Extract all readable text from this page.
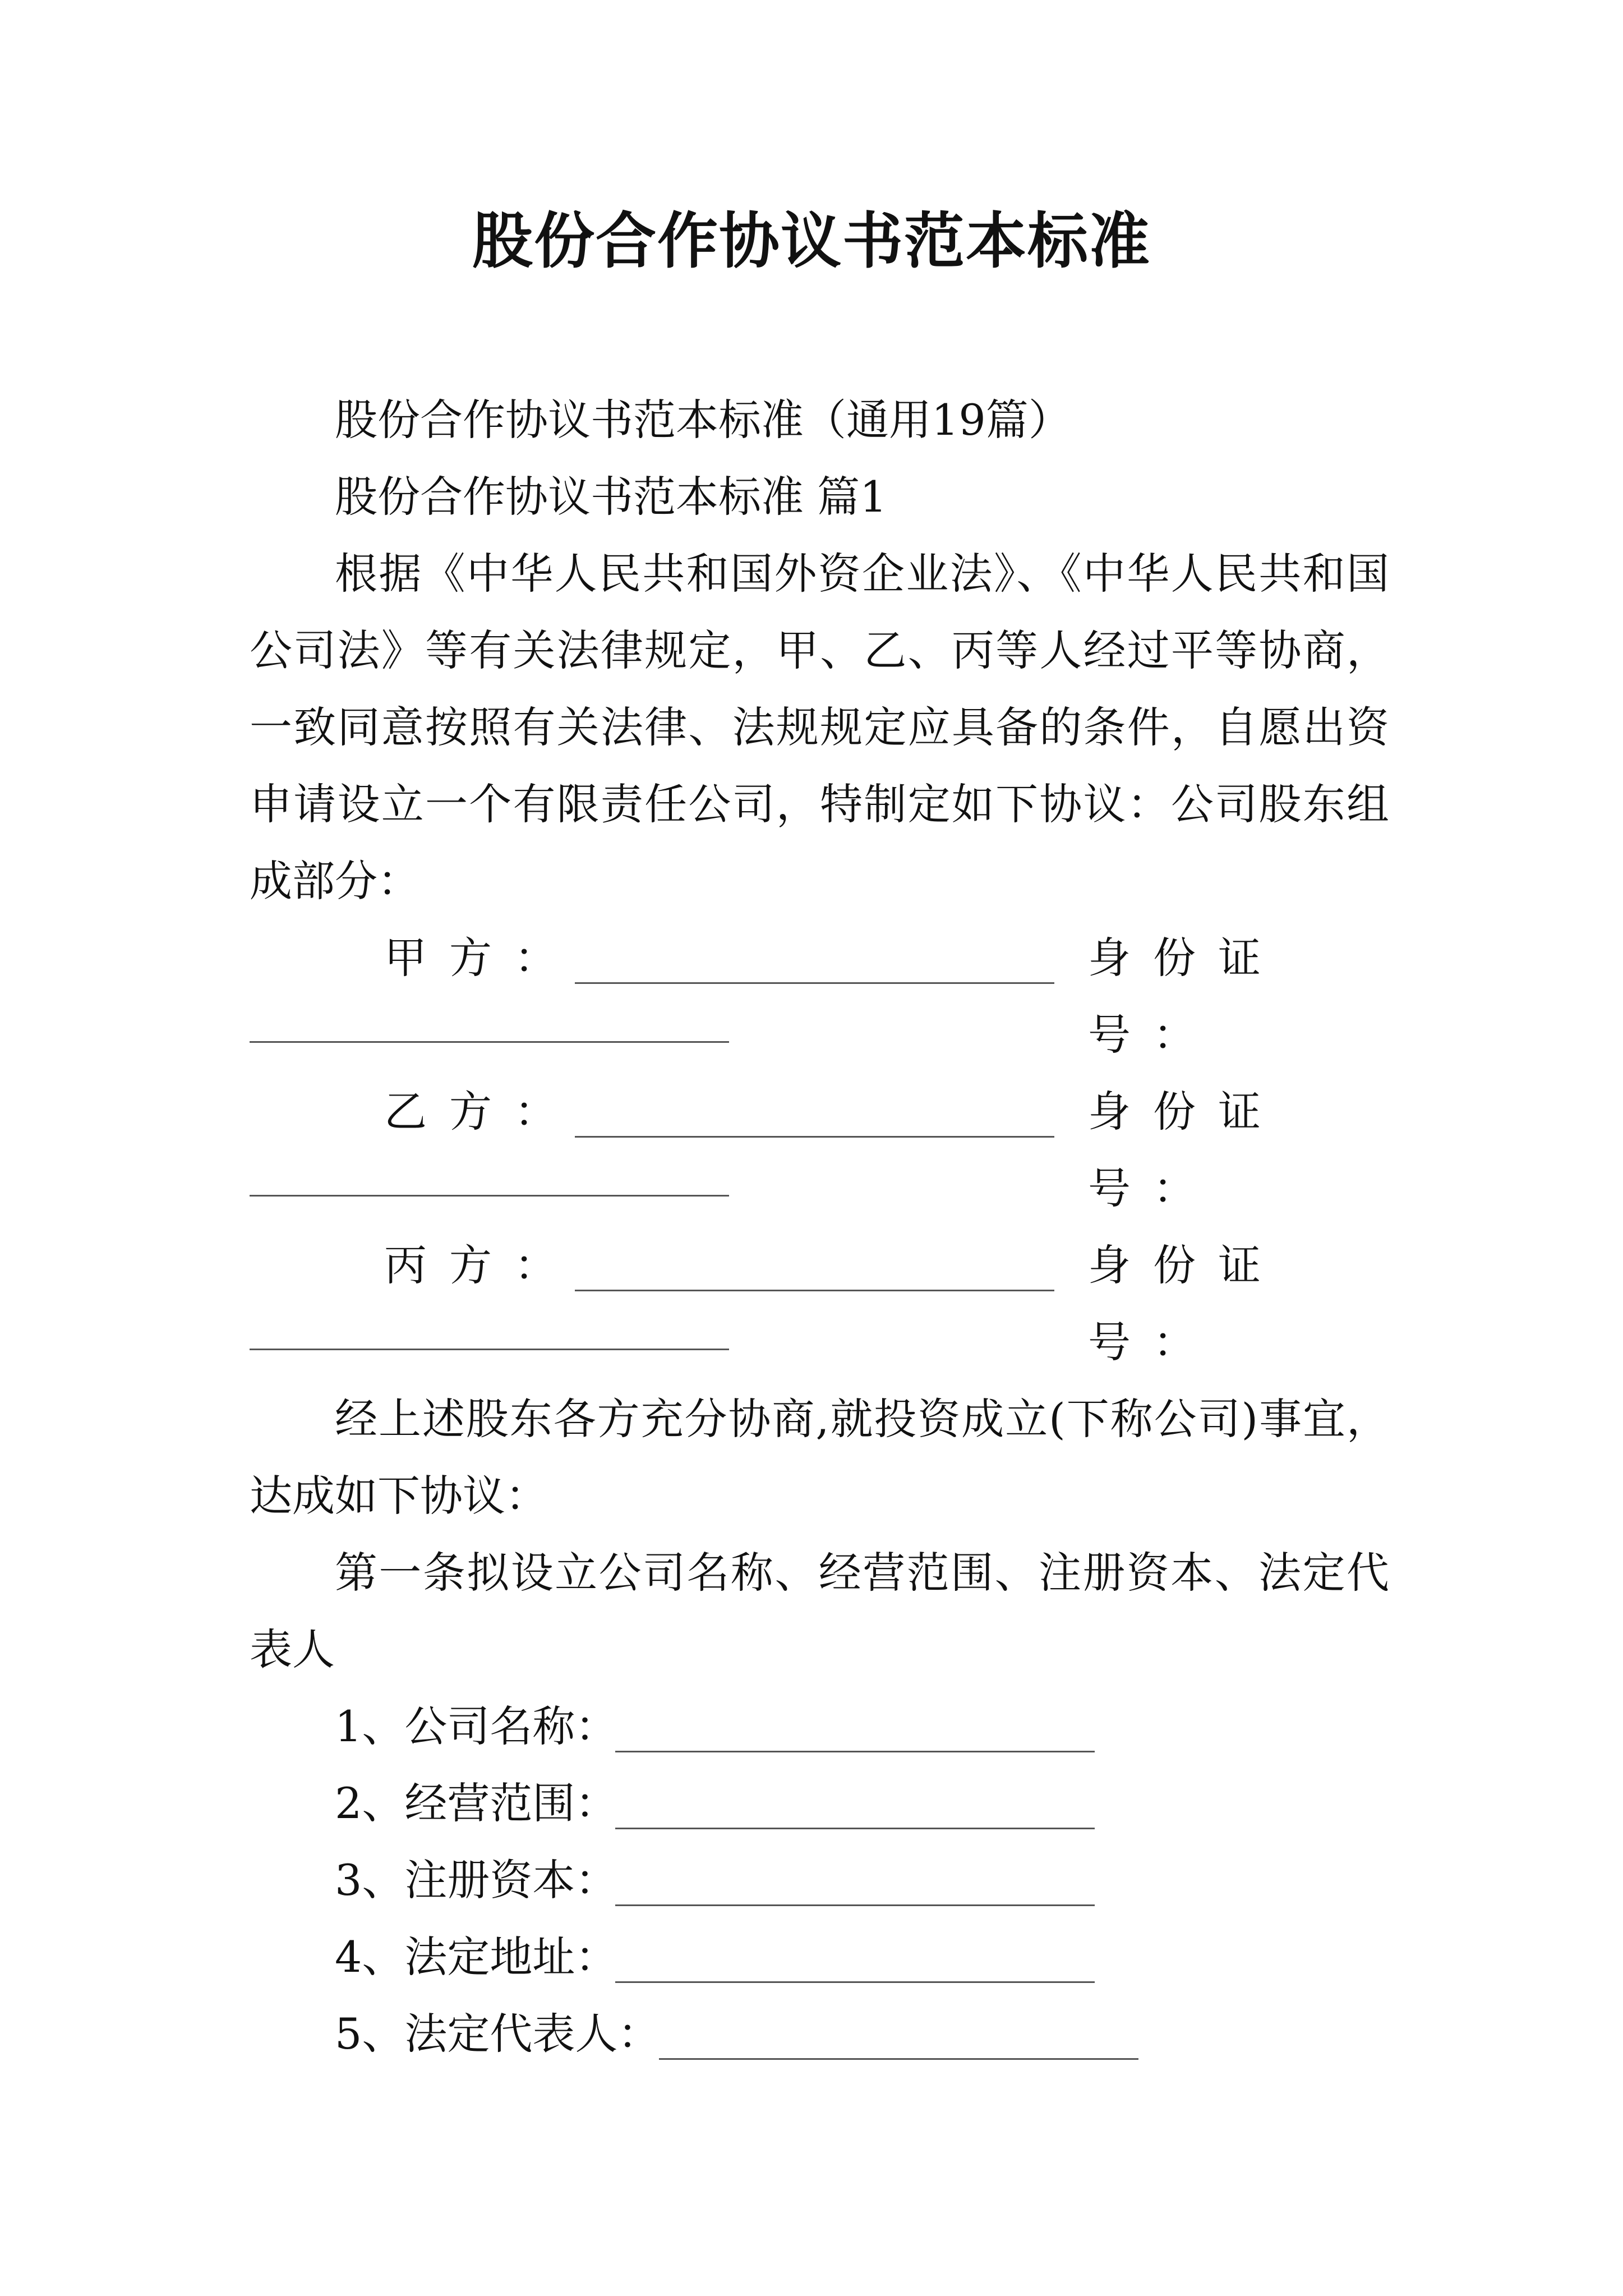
股份合作协议书范本标准

股份合作协议书范本标准（通用19篇）

股份合作协议书范本标准 篇1

根据《中华人民共和国外资企业法》、《中华人民共和国公司法》等有关法律规定，甲、乙、丙等人经过平等协商，一致同意按照有关法律、法规规定应具备的条件，自愿出资申请设立一个有限责任公司，特制定如下协议：公司股东组成部分：

甲方：	身份证号：
乙方：	身份证号：
丙方：	身份证号：

经上述股东各方充分协商,就投资成立(下称公司)事宜，达成如下协议：

第一条拟设立公司名称、经营范围、注册资本、法定代表人

1、公司名称：
2、经营范围：
3、注册资本：
4、法定地址：
5、法定代表人：
